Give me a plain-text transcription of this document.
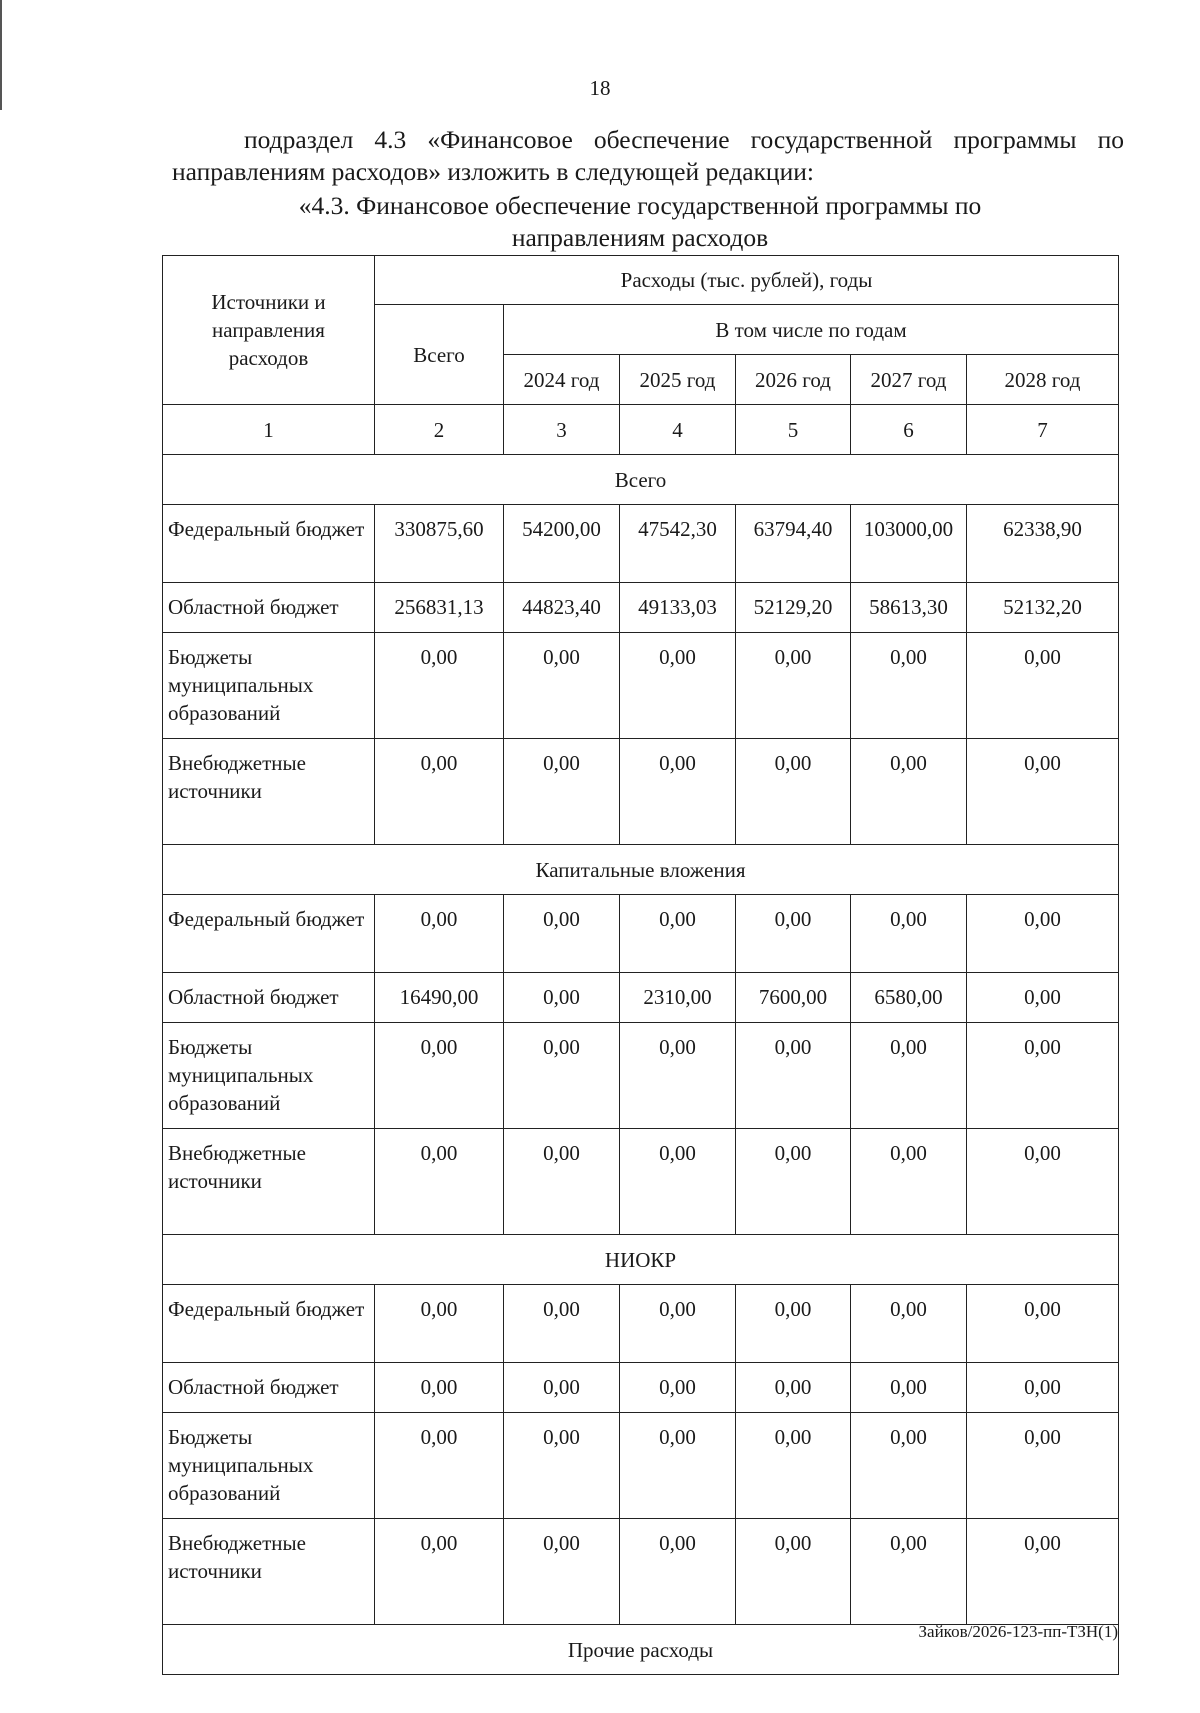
18
подраздел 4.3 «Финансовое обеспечение государственной программы по направлениям расходов» изложить в следующей редакции:
«4.3. Финансовое обеспечение государственной программы по
направлениям расходов
Источники и направления расходов	Расходы (тыс. рублей), годы					
	Всего	В том числе по годам				
		2024 год	2025 год	2026 год	2027 год	2028 год
1	2	3	4	5	6	7
Всего						
Федеральный бюджет	330875,60	54200,00	47542,30	63794,40	103000,00	62338,90
Областной бюджет	256831,13	44823,40	49133,03	52129,20	58613,30	52132,20
Бюджеты муниципальных образований	0,00	0,00	0,00	0,00	0,00	0,00
Внебюджетные источники	0,00	0,00	0,00	0,00	0,00	0,00
Капитальные вложения						
Федеральный бюджет	0,00	0,00	0,00	0,00	0,00	0,00
Областной бюджет	16490,00	0,00	2310,00	7600,00	6580,00	0,00
Бюджеты муниципальных образований	0,00	0,00	0,00	0,00	0,00	0,00
Внебюджетные источники	0,00	0,00	0,00	0,00	0,00	0,00
НИОКР						
Федеральный бюджет	0,00	0,00	0,00	0,00	0,00	0,00
Областной бюджет	0,00	0,00	0,00	0,00	0,00	0,00
Бюджеты муниципальных образований	0,00	0,00	0,00	0,00	0,00	0,00
Внебюджетные источники	0,00	0,00	0,00	0,00	0,00	0,00
Прочие расходы						
Зайков/2026-123-пп-ТЗН(1)
